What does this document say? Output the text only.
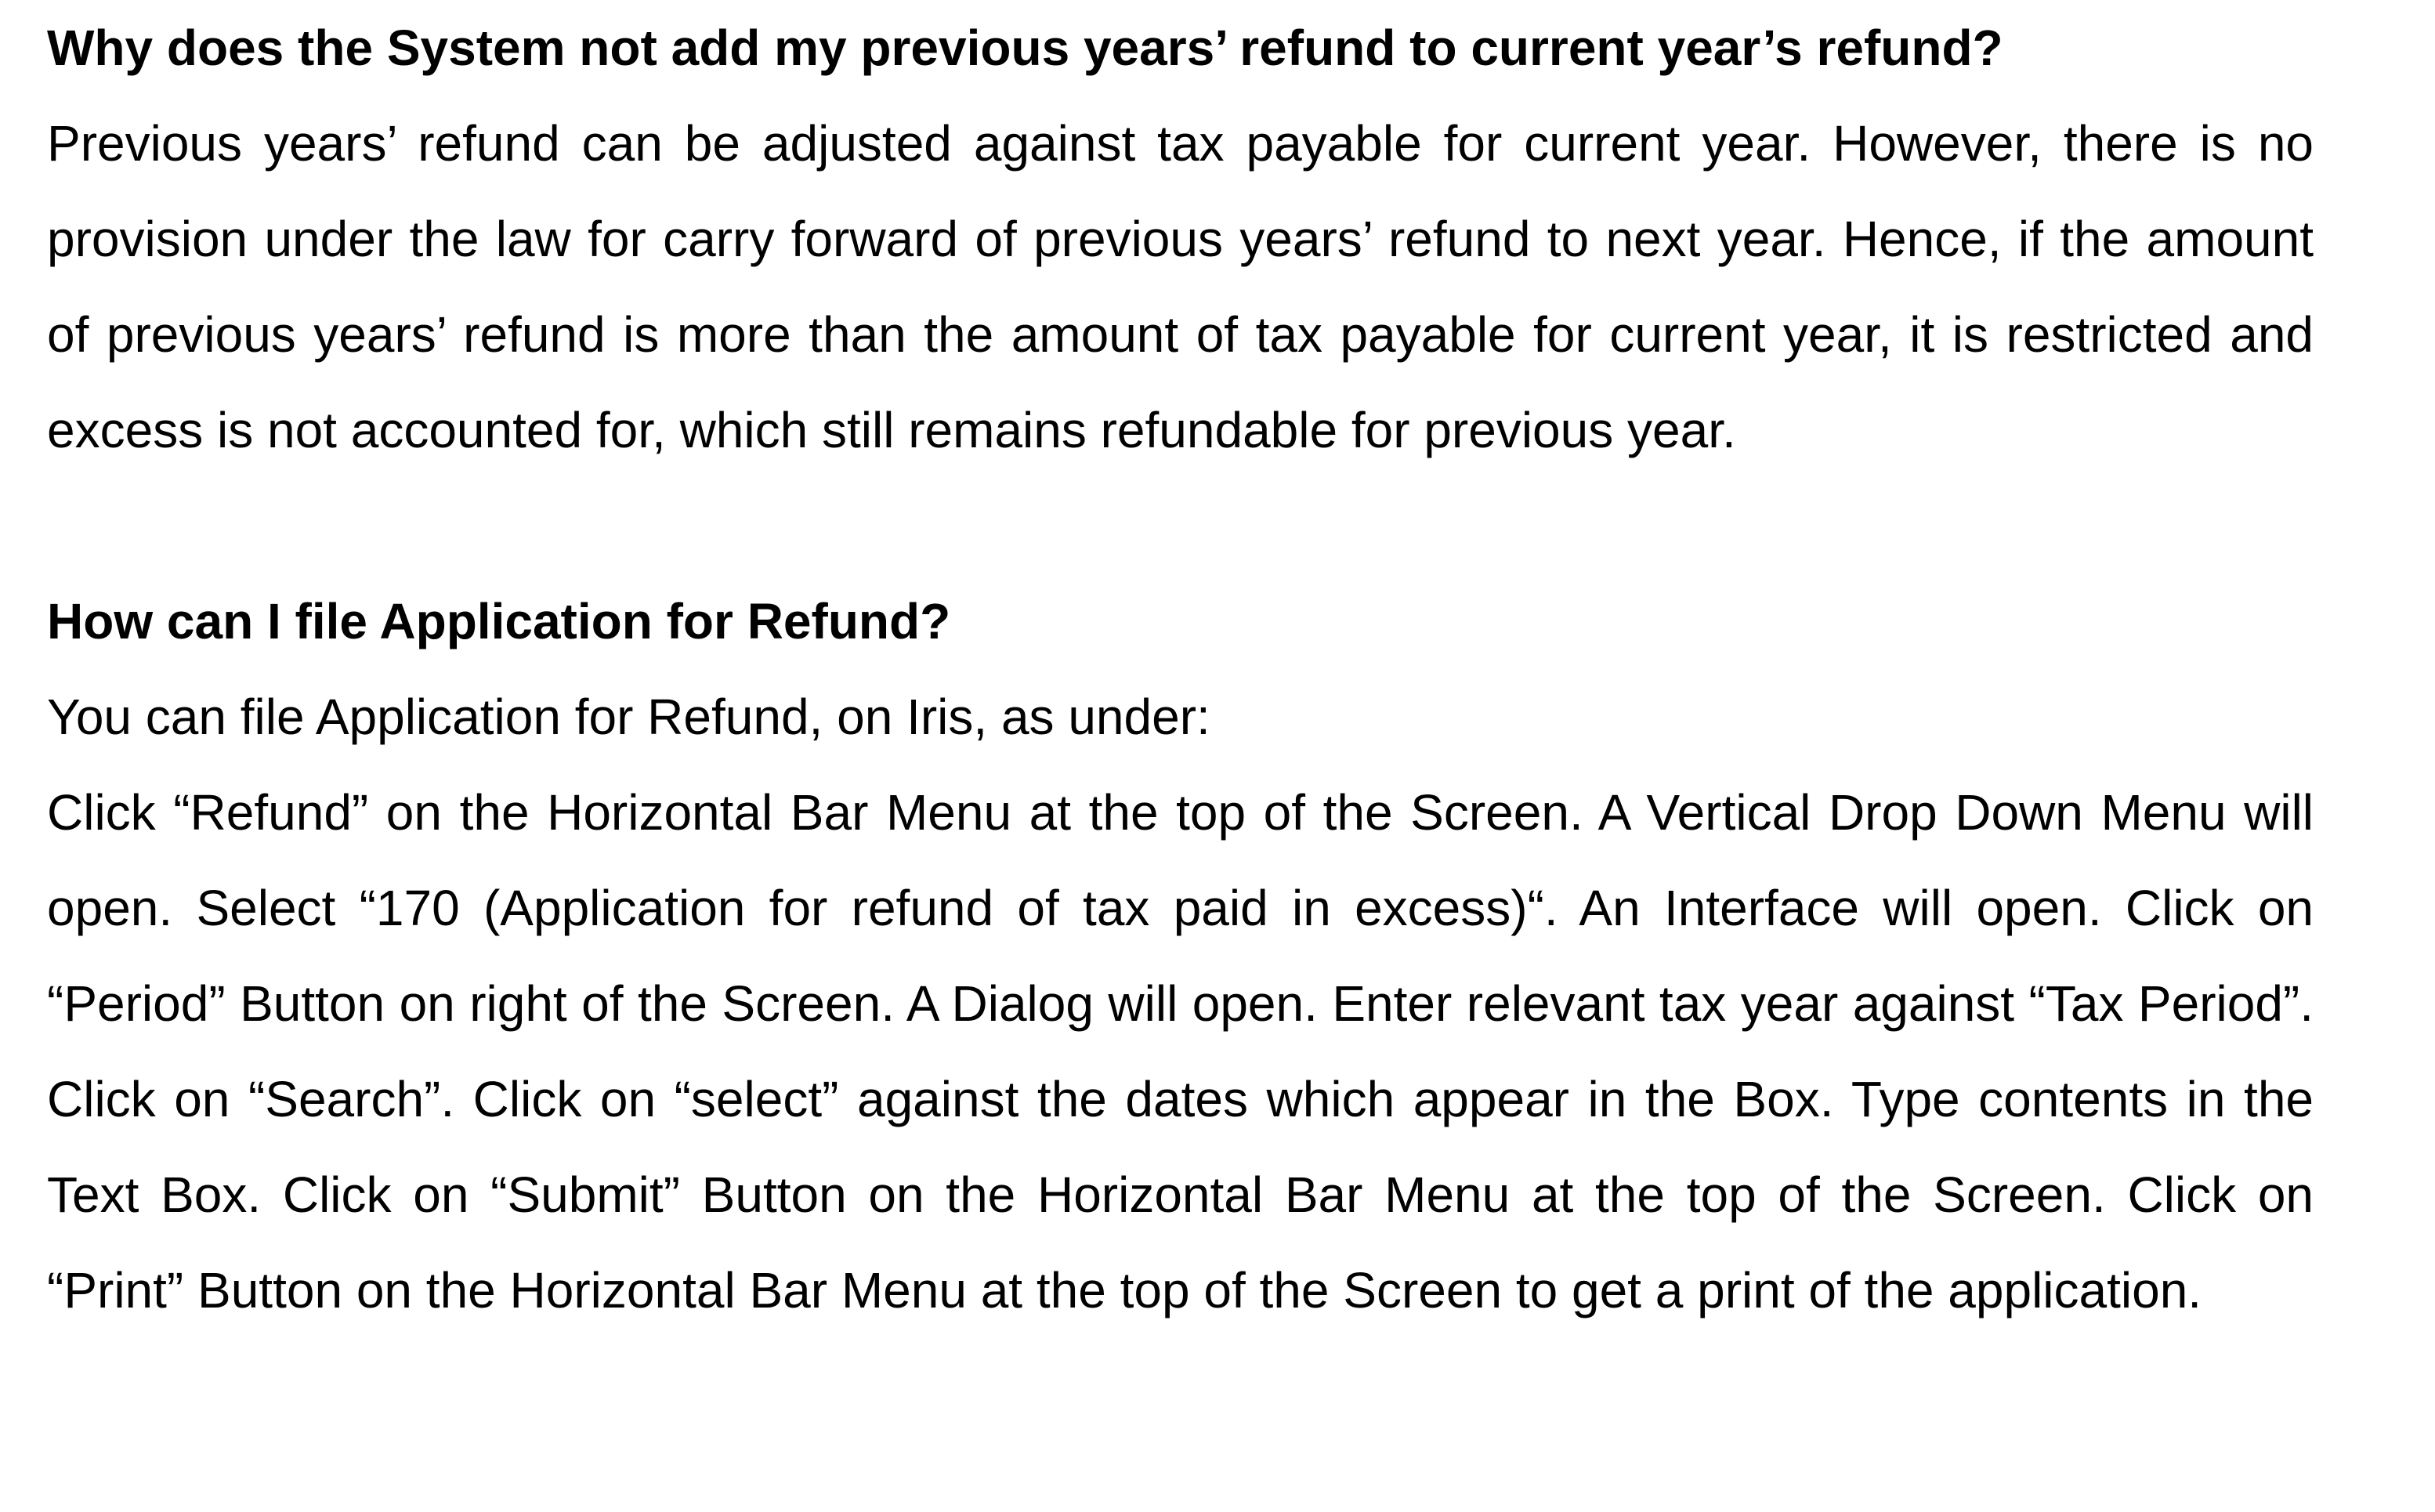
Why does the System not add my previous years’ refund to current year’s refund?

Previous years’ refund can be adjusted against tax payable for current year. However, there is no provision under the law for carry forward of previous years’ refund to next year. Hence, if the amount of previous years’ refund is more than the amount of tax payable for current year, it is restricted and excess is not accounted for, which still remains refundable for previous year.

How can I file Application for Refund?

You can file Application for Refund, on Iris, as under:

Click “Refund” on the Horizontal Bar Menu at the top of the Screen. A Vertical Drop Down Menu will open. Select “170 (Application for refund of tax paid in excess)“. An Interface will open. Click on “Period” Button on right of the Screen. A Dialog will open. Enter relevant tax year against “Tax Period”. Click on “Search”. Click on “select” against the dates which appear in the Box. Type contents in the Text Box. Click on “Submit” Button on the Horizontal Bar Menu at the top of the Screen. Click on “Print” Button on the Horizontal Bar Menu at the top of the Screen to get a print of the application.
